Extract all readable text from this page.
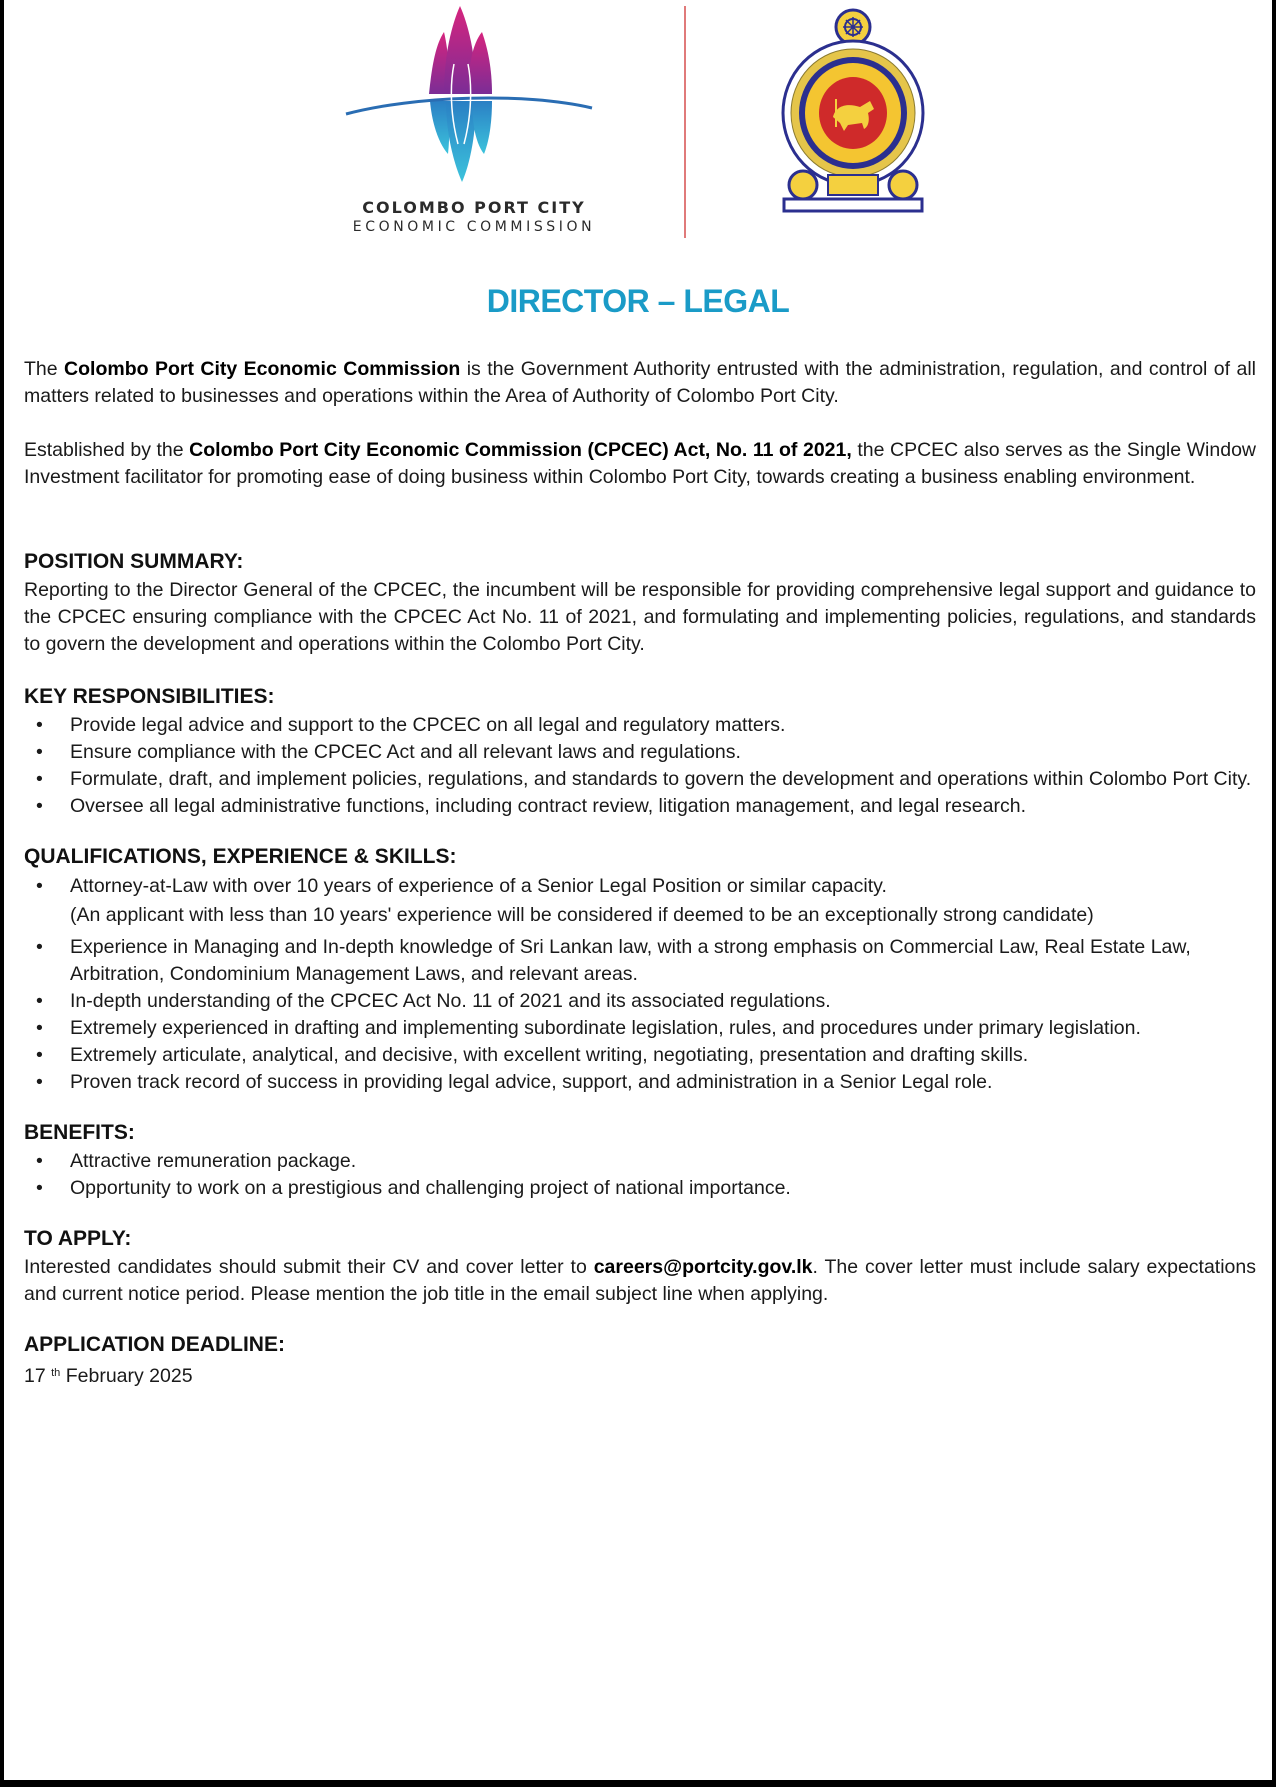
COLOMBO PORT CITY
ECONOMIC COMMISSION
DIRECTOR – LEGAL

The Colombo Port City Economic Commission is the Government Authority entrusted with the administration, regulation, and control of all matters related to businesses and operations within the Area of Authority of Colombo Port City.

Established by the Colombo Port City Economic Commission (CPCEC) Act, No. 11 of 2021, the CPCEC also serves as the Single Window Investment facilitator for promoting ease of doing business within Colombo Port City, towards creating a business enabling environment.

POSITION SUMMARY:

Reporting to the Director General of the CPCEC, the incumbent will be responsible for providing comprehensive legal support and guidance to the CPCEC ensuring compliance with the CPCEC Act No. 11 of 2021, and formulating and implementing policies, regulations, and standards to govern the development and operations within the Colombo Port City.

KEY RESPONSIBILITIES:
• Provide legal advice and support to the CPCEC on all legal and regulatory matters.
• Ensure compliance with the CPCEC Act and all relevant laws and regulations.
• Formulate, draft, and implement policies, regulations, and standards to govern the development and operations within Colombo Port City.
• Oversee all legal administrative functions, including contract review, litigation management, and legal research.
QUALIFICATIONS, EXPERIENCE & SKILLS:
• Attorney-at-Law with over 10 years of experience of a Senior Legal Position or similar capacity.
(An applicant with less than 10 years' experience will be considered if deemed to be an exceptionally strong candidate)
• Experience in Managing and In-depth knowledge of Sri Lankan law, with a strong emphasis on Commercial Law, Real Estate Law, Arbitration, Condominium Management Laws, and relevant areas.
• In-depth understanding of the CPCEC Act No. 11 of 2021 and its associated regulations.
• Extremely experienced in drafting and implementing subordinate legislation, rules, and procedures under primary legislation.
• Extremely articulate, analytical, and decisive, with excellent writing, negotiating, presentation and drafting skills.
• Proven track record of success in providing legal advice, support, and administration in a Senior Legal role.
BENEFITS:
• Attractive remuneration package.
• Opportunity to work on a prestigious and challenging project of national importance.
TO APPLY:

Interested candidates should submit their CV and cover letter to careers@portcity.gov.lk. The cover letter must include salary expectations and current notice period. Please mention the job title in the email subject line when applying.

APPLICATION DEADLINE:

17 $^{th}$ February 2025
